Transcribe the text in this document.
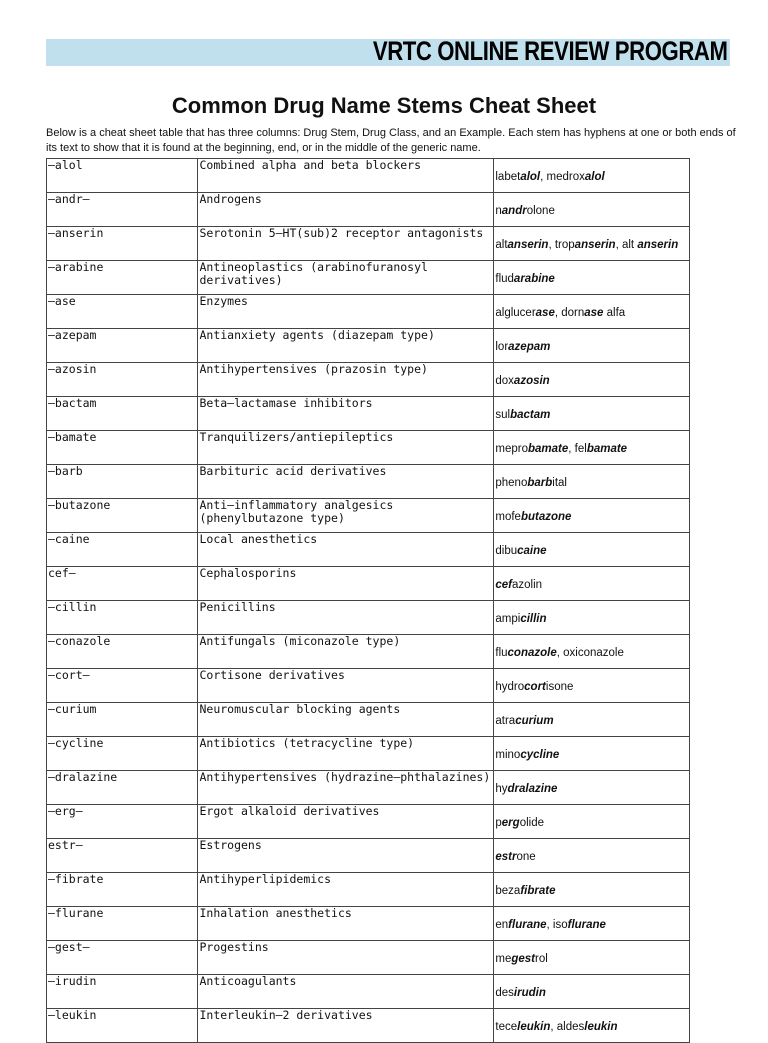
VRTC ONLINE REVIEW PROGRAM
Common Drug Name Stems Cheat Sheet
Below is a cheat sheet table that has three columns: Drug Stem, Drug Class, and an Example. Each stem has hyphens at one or both ends of its text to show that it is found at the beginning, end, or in the middle of the generic name.
–alol	Combined alpha and beta blockers	labetalol, medroxalol
–andr–	Androgens	nandrolone
–anserin	Serotonin 5–HT(sub)2 receptor antagonists	altanserin, tropanserin, alt anserin
–arabine	Antineoplastics (arabinofuranosyl derivatives)	fludarabine
–ase	Enzymes	alglucerase, dornase alfa
–azepam	Antianxiety agents (diazepam type)	lorazepam
–azosin	Antihypertensives (prazosin type)	doxazosin
–bactam	Beta–lactamase inhibitors	sulbactam
–bamate	Tranquilizers/antiepileptics	meprobamate, felbamate
–barb	Barbituric acid derivatives	phenobarbital
–butazone	Anti–inflammatory analgesics (phenylbutazone type)	mofebutazone
–caine	Local anesthetics	dibucaine
cef–	Cephalosporins	cefazolin
–cillin	Penicillins	ampicillin
–conazole	Antifungals (miconazole type)	fluconazole, oxiconazole
–cort–	Cortisone derivatives	hydrocortisone
–curium	Neuromuscular blocking agents	atracurium
–cycline	Antibiotics (tetracycline type)	minocycline
–dralazine	Antihypertensives (hydrazine–phthalazines)	hydralazine
–erg–	Ergot alkaloid derivatives	pergolide
estr–	Estrogens	estrone
–fibrate	Antihyperlipidemics	bezafibrate
–flurane	Inhalation anesthetics	enflurane, isoflurane
–gest–	Progestins	megestrol
–irudin	Anticoagulants	desirudin
–leukin	Interleukin–2 derivatives	teceleukin, aldesleukin
